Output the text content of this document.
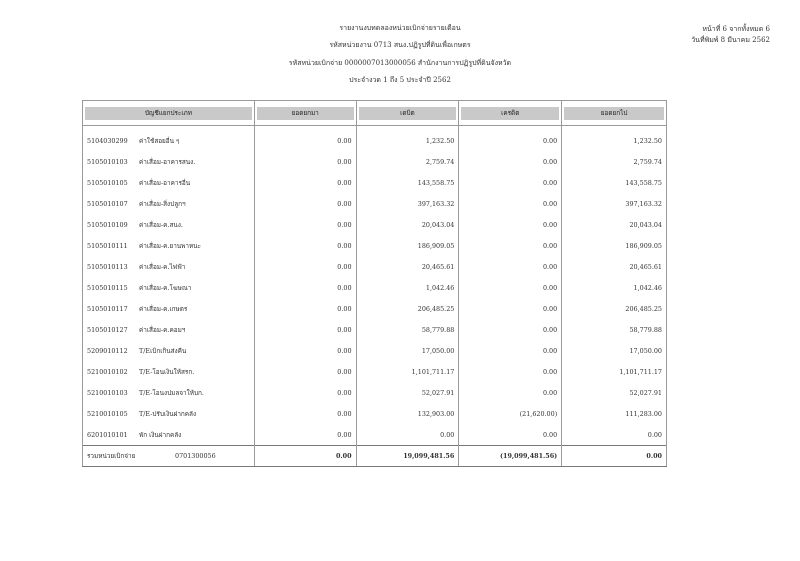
รายงานงบทดลองหน่วยเบิกจ่ายรายเดือน
รหัสหน่วยงาน 0713 สนง.ปฏิรูปที่ดินเพื่อเกษตร
รหัสหน่วยเบิกจ่าย 0000007013000056 สำนักงานการปฏิรูปที่ดินจังหวัด
ประจำงวด 1 ถึง 5 ประจำปี 2562
หน้าที่ 6 จากทั้งหมด 6
วันที่พิมพ์ 8 มีนาคม 2562
บัญชีแยกประเภท	ยอดยกมา	เดบิต	เครดิต	ยอดยกไป

5104030299 ค่าใช้สอยอื่น ๆ	0.00	1,232.50	0.00	1,232.50
5105010103 ค่าเสื่อม-อาคารสนง.	0.00	2,759.74	0.00	2,759.74
5105010105 ค่าเสื่อม-อาคารอื่น	0.00	143,558.75	0.00	143,558.75
5105010107 ค่าเสื่อม-สิ่งปลูกฯ	0.00	397,163.32	0.00	397,163.32
5105010109 ค่าเสื่อม-ค.สนง.	0.00	20,043.04	0.00	20,043.04
5105010111 ค่าเสื่อม-ค.ยานพาหนะ	0.00	186,909.05	0.00	186,909.05
5105010113 ค่าเสื่อม-ค.ไฟฟ้า	0.00	20,465.61	0.00	20,465.61
5105010115 ค่าเสื่อม-ค.โฆษณา	0.00	1,042.46	0.00	1,042.46
5105010117 ค่าเสื่อม-ค.เกษตร	0.00	206,485.25	0.00	206,485.25
5105010127 ค่าเสื่อม-ค.คอมฯ	0.00	58,779.88	0.00	58,779.88
5209010112 T/Eเบิกเกินส่งคืน	0.00	17,050.00	0.00	17,050.00
5210010102 T/E-โอนเงินให้สรก.	0.00	1,101,711.17	0.00	1,101,711.17
5210010103 T/E-โอนงปมลจาให้บก.	0.00	52,027.91	0.00	52,027.91
5210010105 T/E-ปรับเงินฝากคลัง	0.00	132,903.00	(21,620.00)	111,283.00
6201010101 พัก เงินฝากคลัง	0.00	0.00	0.00	0.00
รวมหน่วยเบิกจ่าย 0701300056	0.00	19,099,481.56	(19,099,481.56)	0.00
